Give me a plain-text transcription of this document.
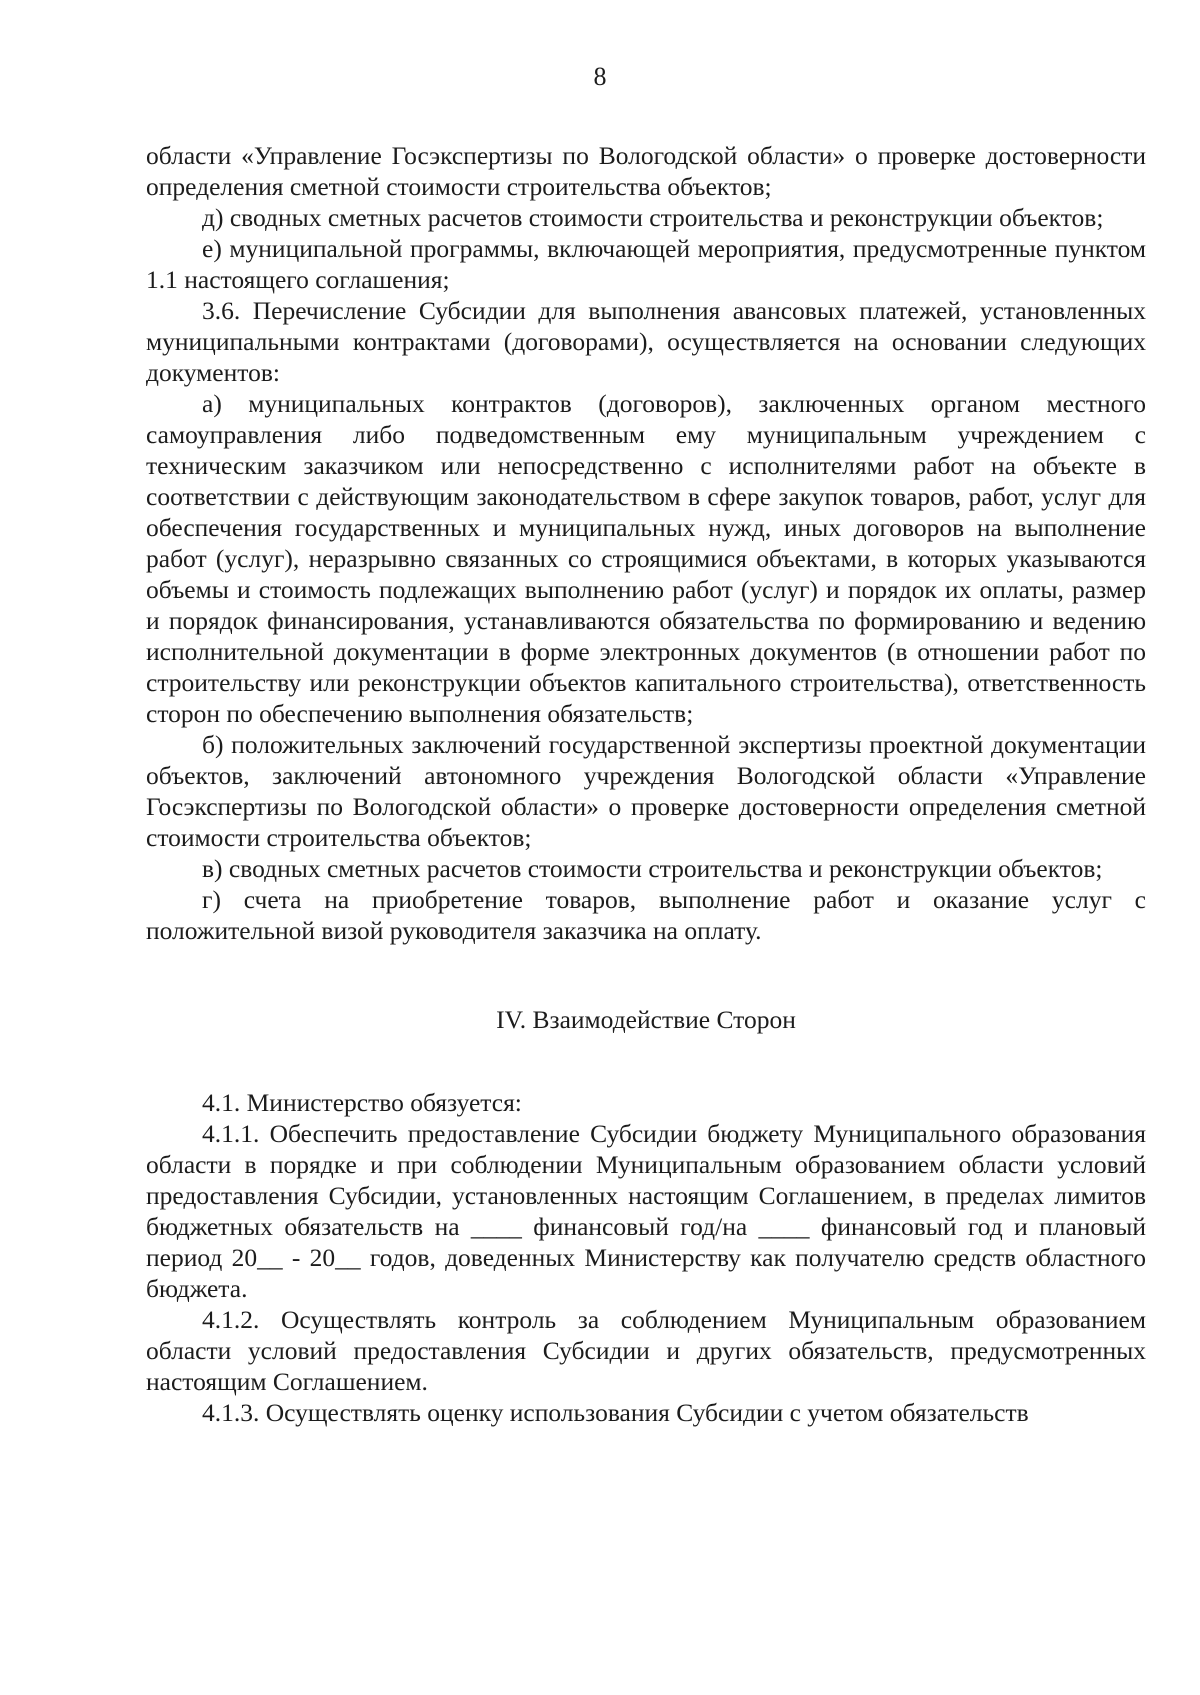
8

области «Управление Госэкспертизы по Вологодской области» о проверке достоверности определения сметной стоимости строительства объектов;

д) сводных сметных расчетов стоимости строительства и реконструкции объектов;

е) муниципальной программы, включающей мероприятия, предусмотренные пунктом 1.1 настоящего соглашения;

3.6. Перечисление Субсидии для выполнения авансовых платежей, установленных муниципальными контрактами (договорами), осуществляется на основании следующих документов:

а) муниципальных контрактов (договоров), заключенных органом местного самоуправления либо подведомственным ему муниципальным учреждением с техническим заказчиком или непосредственно с исполнителями работ на объекте в соответствии с действующим законодательством в сфере закупок товаров, работ, услуг для обеспечения государственных и муниципальных нужд, иных договоров на выполнение работ (услуг), неразрывно связанных со строящимися объектами, в которых указываются объемы и стоимость подлежащих выполнению работ (услуг) и порядок их оплаты, размер и порядок финансирования, устанавливаются обязательства по формированию и ведению исполнительной документации в форме электронных документов (в отношении работ по строительству или реконструкции объектов капитального строительства), ответственность сторон по обеспечению выполнения обязательств;

б) положительных заключений государственной экспертизы проектной документации объектов, заключений автономного учреждения Вологодской области «Управление Госэкспертизы по Вологодской области» о проверке достоверности определения сметной стоимости строительства объектов;

в) сводных сметных расчетов стоимости строительства и реконструкции объектов;

г) счета на приобретение товаров, выполнение работ и оказание услуг с положительной визой руководителя заказчика на оплату.

IV. Взаимодействие Сторон

4.1. Министерство обязуется:

4.1.1. Обеспечить предоставление Субсидии бюджету Муниципального образования области в порядке и при соблюдении Муниципальным образованием области условий предоставления Субсидии, установленных настоящим Соглашением, в пределах лимитов бюджетных обязательств на ____ финансовый год/на ____ финансовый год и плановый период 20__ - 20__ годов, доведенных Министерству как получателю средств областного бюджета.

4.1.2. Осуществлять контроль за соблюдением Муниципальным образованием области условий предоставления Субсидии и других обязательств, предусмотренных настоящим Соглашением.

4.1.3. Осуществлять оценку использования Субсидии с учетом обязательств
